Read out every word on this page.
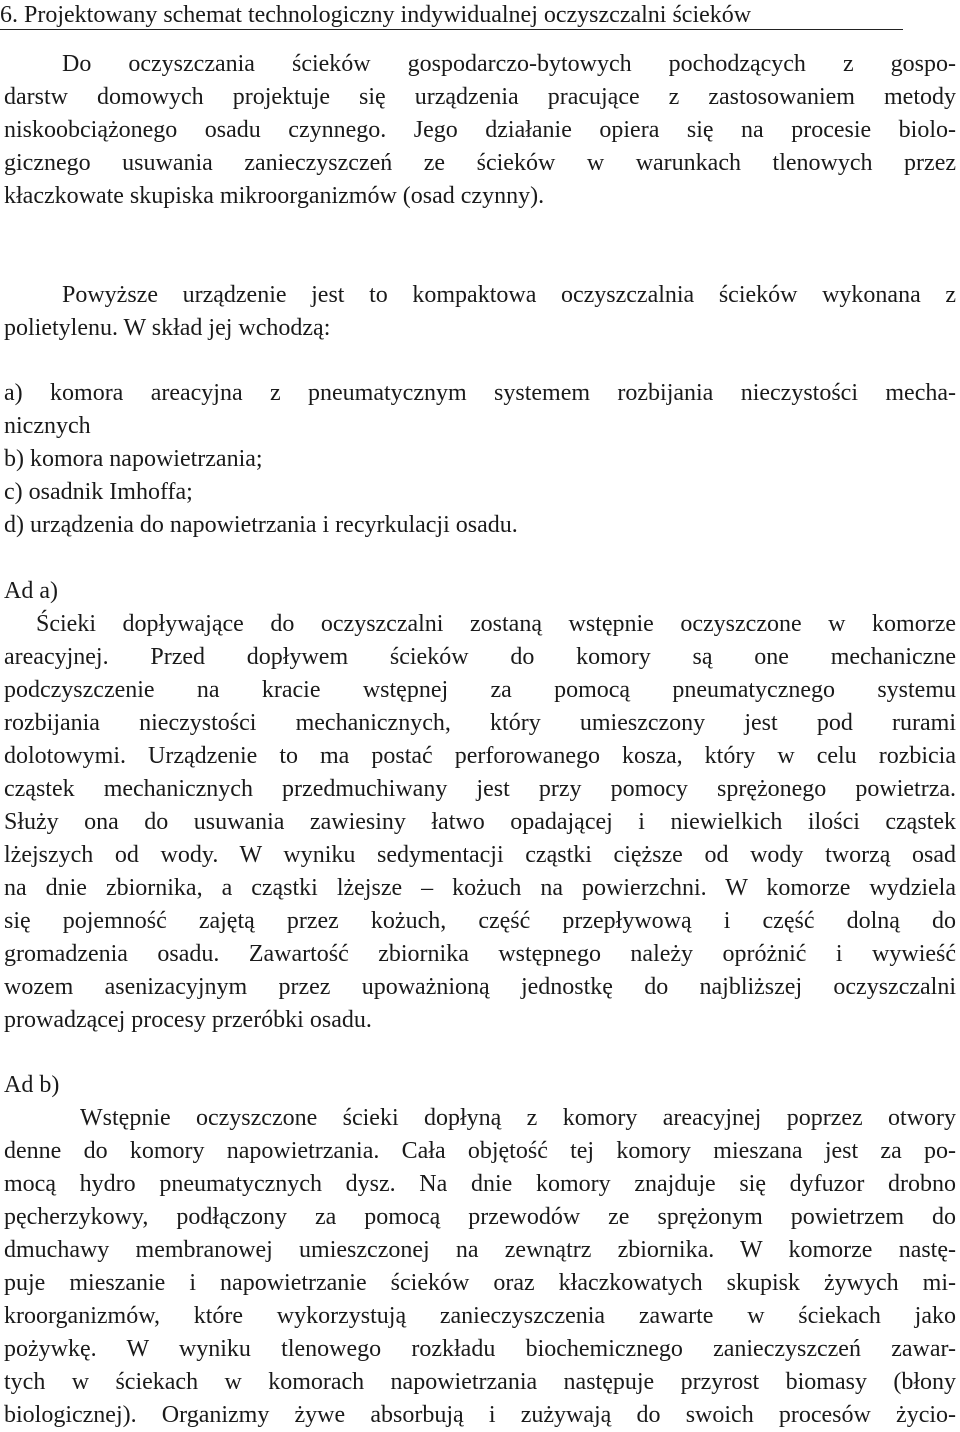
6. Projektowany schemat technologiczny indywidualnej oczyszczalni ścieków
Do oczyszczania ścieków gospodarczo-bytowych pochodzących z gospo-
darstw domowych projektuje się urządzenia pracujące z zastosowaniem metody
niskoobciążonego osadu czynnego. Jego działanie opiera się na procesie biolo-
gicznego usuwania zanieczyszczeń ze ścieków w warunkach tlenowych przez
kłaczkowate skupiska mikroorganizmów (osad czynny).
Powyższe urządzenie jest to kompaktowa oczyszczalnia ścieków wykonana z
polietylenu. W skład jej wchodzą:
a) komora areacyjna z pneumatycznym systemem rozbijania nieczystości mecha-
nicznych
b) komora napowietrzania;
c) osadnik Imhoffa;
d) urządzenia do napowietrzania i recyrkulacji osadu.
Ad a)
Ścieki dopływające do oczyszczalni zostaną wstępnie oczyszczone w komorze
areacyjnej. Przed dopływem ścieków do komory są one mechaniczne
podczyszczenie na kracie wstępnej za pomocą pneumatycznego systemu
rozbijania nieczystości mechanicznych, który umieszczony jest pod rurami
dolotowymi. Urządzenie to ma postać perforowanego kosza, który w celu rozbicia
cząstek mechanicznych przedmuchiwany jest przy pomocy sprężonego powietrza.
Służy ona do usuwania zawiesiny łatwo opadającej i niewielkich ilości cząstek
lżejszych od wody. W wyniku sedymentacji cząstki cięższe od wody tworzą osad
na dnie zbiornika, a cząstki lżejsze – kożuch na powierzchni. W komorze wydziela
się pojemność zajętą przez kożuch, część przepływową i część dolną do
gromadzenia osadu. Zawartość zbiornika wstępnego należy opróżnić i wywieść
wozem asenizacyjnym przez upoważnioną jednostkę do najbliższej oczyszczalni
prowadzącej procesy przeróbki osadu.
Ad b)
Wstępnie oczyszczone ścieki dopłyną z komory areacyjnej poprzez otwory
denne do komory napowietrzania. Cała objętość tej komory mieszana jest za po-
mocą hydro pneumatycznych dysz. Na dnie komory znajduje się dyfuzor drobno
pęcherzykowy, podłączony za pomocą przewodów ze sprężonym powietrzem do
dmuchawy membranowej umieszczonej na zewnątrz zbiornika. W komorze nastę-
puje mieszanie i napowietrzanie ścieków oraz kłaczkowatych skupisk żywych mi-
kroorganizmów, które wykorzystują zanieczyszczenia zawarte w ściekach jako
pożywkę. W wyniku tlenowego rozkładu biochemicznego zanieczyszczeń zawar-
tych w ściekach w komorach napowietrzania następuje przyrost biomasy (błony
biologicznej). Organizmy żywe absorbują i zużywają do swoich procesów życio-
